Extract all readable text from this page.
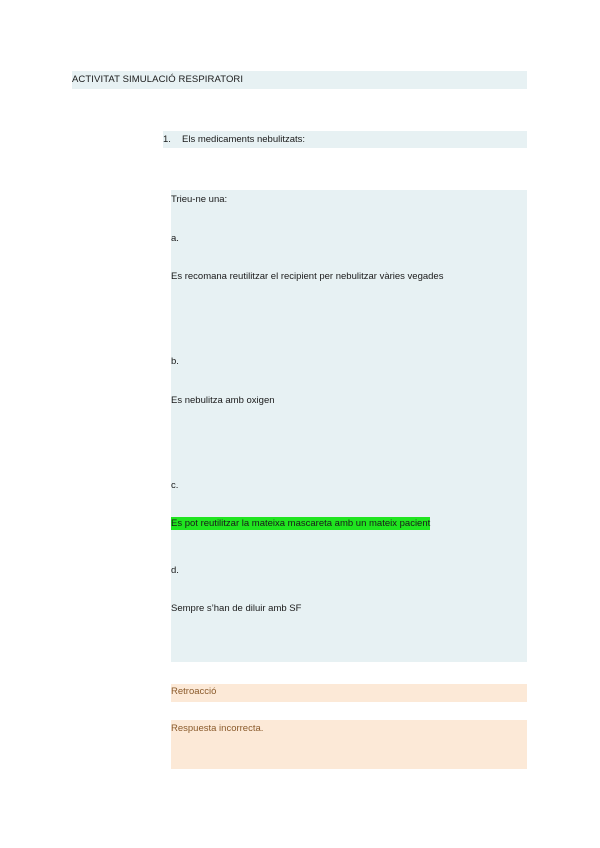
ACTIVITAT SIMULACIÓ RESPIRATORI
1. Els medicaments nebulitzats:
Trieu-ne una:
a.
Es recomana reutilitzar el recipient per nebulitzar vàries vegades
b.
Es nebulitza amb oxigen
c.
Es pot reutilitzar la mateixa mascareta amb un mateix pacient
d.
Sempre s’han de diluir amb SF
Retroacció
Respuesta incorrecta.
